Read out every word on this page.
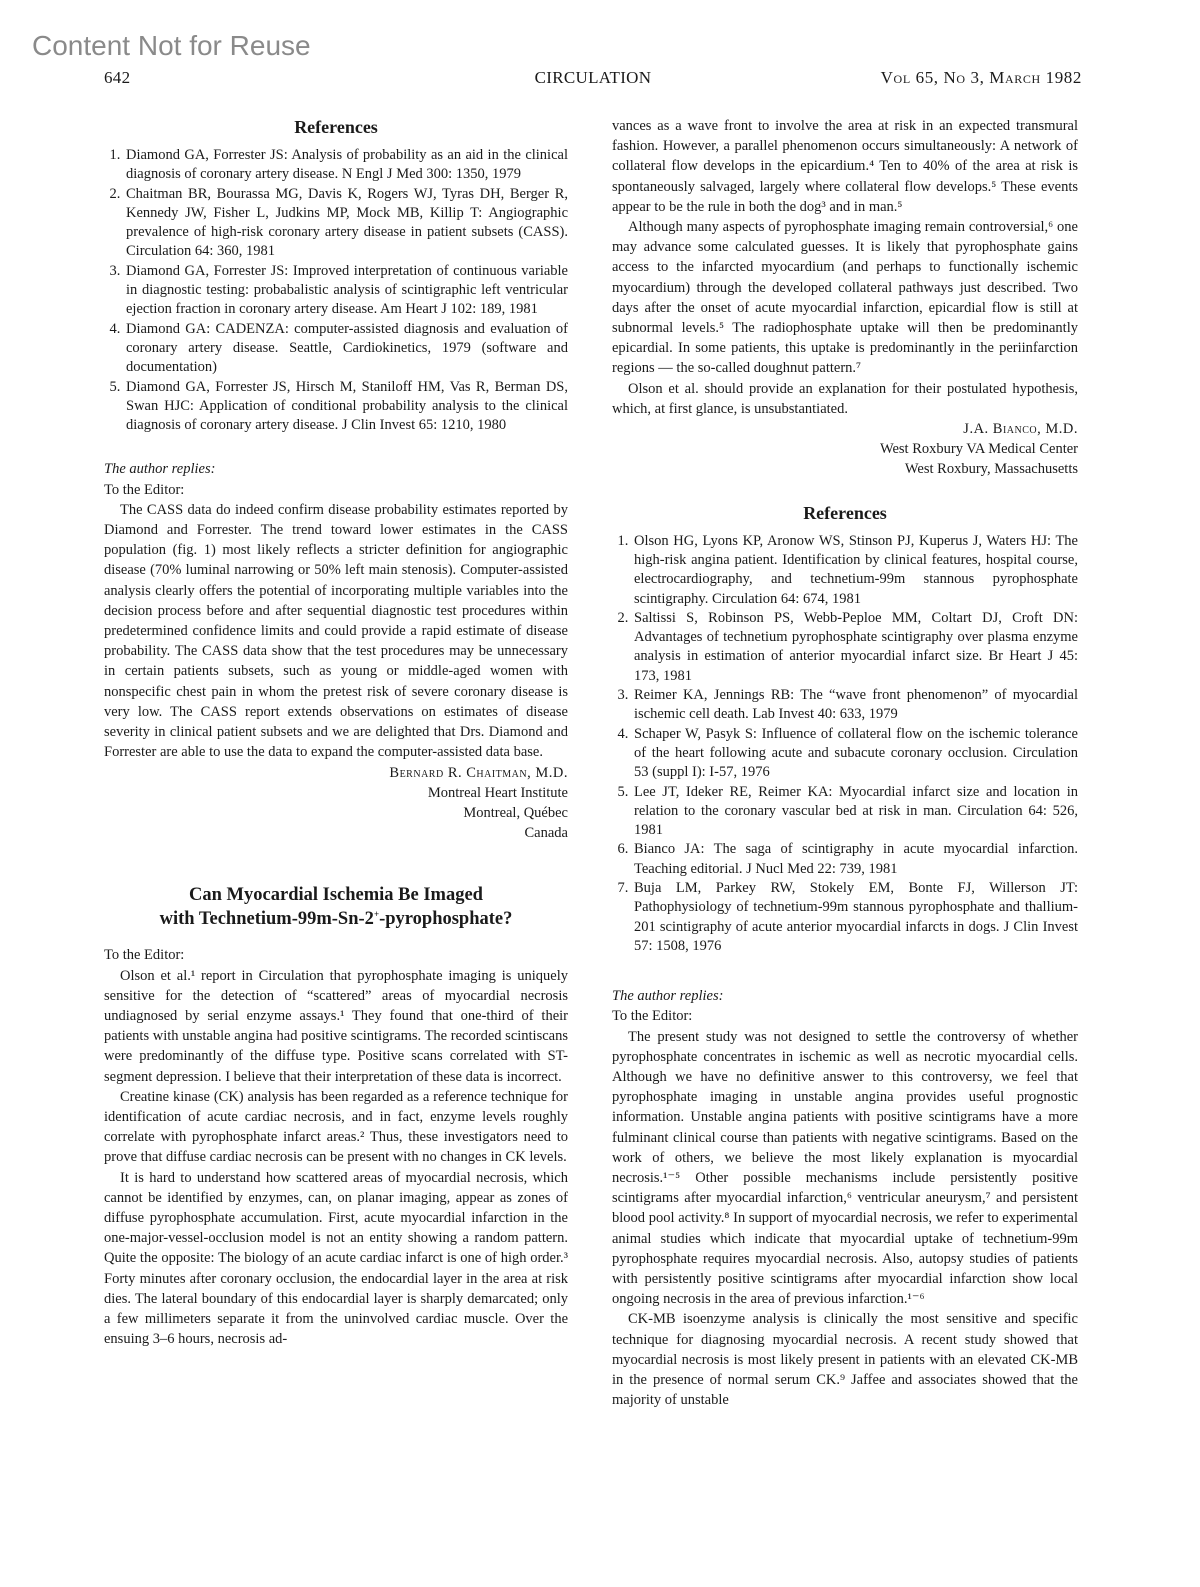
Content Not for Reuse
642	CIRCULATION	Vol 65, No 3, March 1982
References
1. Diamond GA, Forrester JS: Analysis of probability as an aid in the clinical diagnosis of coronary artery disease. N Engl J Med 300: 1350, 1979
2. Chaitman BR, Bourassa MG, Davis K, Rogers WJ, Tyras DH, Berger R, Kennedy JW, Fisher L, Judkins MP, Mock MB, Killip T: Angiographic prevalence of high-risk coronary artery disease in patient subsets (CASS). Circulation 64: 360, 1981
3. Diamond GA, Forrester JS: Improved interpretation of continuous variable in diagnostic testing: probabalistic analysis of scintigraphic left ventricular ejection fraction in coronary artery disease. Am Heart J 102: 189, 1981
4. Diamond GA: CADENZA: computer-assisted diagnosis and evaluation of coronary artery disease. Seattle, Cardiokinetics, 1979 (software and documentation)
5. Diamond GA, Forrester JS, Hirsch M, Staniloff HM, Vas R, Berman DS, Swan HJC: Application of conditional probability analysis to the clinical diagnosis of coronary artery disease. J Clin Invest 65: 1210, 1980

The author replies:

To the Editor:

The CASS data do indeed confirm disease probability estimates reported by Diamond and Forrester. The trend toward lower estimates in the CASS population (fig. 1) most likely reflects a stricter definition for angiographic disease (70% luminal narrowing or 50% left main stenosis). Computer-assisted analysis clearly offers the potential of incorporating multiple variables into the decision process before and after sequential diagnostic test procedures within predetermined confidence limits and could provide a rapid estimate of disease probability. The CASS data show that the test procedures may be unnecessary in certain patients subsets, such as young or middle-aged women with nonspecific chest pain in whom the pretest risk of severe coronary disease is very low. The CASS report extends observations on estimates of disease severity in clinical patient subsets and we are delighted that Drs. Diamond and Forrester are able to use the data to expand the computer-assisted data base.

Bernard R. Chaitman, M.D.

Montreal Heart Institute

Montreal, Québec

Canada

Can Myocardial Ischemia Be Imaged
with Technetium-99m-Sn-2+-pyrophosphate?

To the Editor:

Olson et al.¹ report in Circulation that pyrophosphate imaging is uniquely sensitive for the detection of “scattered” areas of myocardial necrosis undiagnosed by serial enzyme assays.¹ They found that one-third of their patients with unstable angina had positive scintigrams. The recorded scintiscans were predominantly of the diffuse type. Positive scans correlated with ST-segment depression. I believe that their interpretation of these data is incorrect.

Creatine kinase (CK) analysis has been regarded as a reference technique for identification of acute cardiac necrosis, and in fact, enzyme levels roughly correlate with pyrophosphate infarct areas.² Thus, these investigators need to prove that diffuse cardiac necrosis can be present with no changes in CK levels.

It is hard to understand how scattered areas of myocardial necrosis, which cannot be identified by enzymes, can, on planar imaging, appear as zones of diffuse pyrophosphate accumulation. First, acute myocardial infarction in the one-major-vessel-occlusion model is not an entity showing a random pattern. Quite the opposite: The biology of an acute cardiac infarct is one of high order.³ Forty minutes after coronary occlusion, the endocardial layer in the area at risk dies. The lateral boundary of this endocardial layer is sharply demarcated; only a few millimeters separate it from the uninvolved cardiac muscle. Over the ensuing 3–6 hours, necrosis ad-

vances as a wave front to involve the area at risk in an expected transmural fashion. However, a parallel phenomenon occurs simultaneously: A network of collateral flow develops in the epicardium.⁴ Ten to 40% of the area at risk is spontaneously salvaged, largely where collateral flow develops.⁵ These events appear to be the rule in both the dog³ and in man.⁵

Although many aspects of pyrophosphate imaging remain controversial,⁶ one may advance some calculated guesses. It is likely that pyrophosphate gains access to the infarcted myocardium (and perhaps to functionally ischemic myocardium) through the developed collateral pathways just described. Two days after the onset of acute myocardial infarction, epicardial flow is still at subnormal levels.⁵ The radiophosphate uptake will then be predominantly epicardial. In some patients, this uptake is predominantly in the periinfarction regions — the so-called doughnut pattern.⁷

Olson et al. should provide an explanation for their postulated hypothesis, which, at first glance, is unsubstantiated.

J.A. Bianco, M.D.

West Roxbury VA Medical Center

West Roxbury, Massachusetts

References
1. Olson HG, Lyons KP, Aronow WS, Stinson PJ, Kuperus J, Waters HJ: The high-risk angina patient. Identification by clinical features, hospital course, electrocardiography, and technetium-99m stannous pyrophosphate scintigraphy. Circulation 64: 674, 1981
2. Saltissi S, Robinson PS, Webb-Peploe MM, Coltart DJ, Croft DN: Advantages of technetium pyrophosphate scintigraphy over plasma enzyme analysis in estimation of anterior myocardial infarct size. Br Heart J 45: 173, 1981
3. Reimer KA, Jennings RB: The “wave front phenomenon” of myocardial ischemic cell death. Lab Invest 40: 633, 1979
4. Schaper W, Pasyk S: Influence of collateral flow on the ischemic tolerance of the heart following acute and subacute coronary occlusion. Circulation 53 (suppl I): I-57, 1976
5. Lee JT, Ideker RE, Reimer KA: Myocardial infarct size and location in relation to the coronary vascular bed at risk in man. Circulation 64: 526, 1981
6. Bianco JA: The saga of scintigraphy in acute myocardial infarction. Teaching editorial. J Nucl Med 22: 739, 1981
7. Buja LM, Parkey RW, Stokely EM, Bonte FJ, Willerson JT: Pathophysiology of technetium-99m stannous pyrophosphate and thallium-201 scintigraphy of acute anterior myocardial infarcts in dogs. J Clin Invest 57: 1508, 1976

The author replies:

To the Editor:

The present study was not designed to settle the controversy of whether pyrophosphate concentrates in ischemic as well as necrotic myocardial cells. Although we have no definitive answer to this controversy, we feel that pyrophosphate imaging in unstable angina provides useful prognostic information. Unstable angina patients with positive scintigrams have a more fulminant clinical course than patients with negative scintigrams. Based on the work of others, we believe the most likely explanation is myocardial necrosis.¹⁻⁵ Other possible mechanisms include persistently positive scintigrams after myocardial infarction,⁶ ventricular aneurysm,⁷ and persistent blood pool activity.⁸ In support of myocardial necrosis, we refer to experimental animal studies which indicate that myocardial uptake of technetium-99m pyrophosphate requires myocardial necrosis. Also, autopsy studies of patients with persistently positive scintigrams after myocardial infarction show local ongoing necrosis in the area of previous infarction.¹⁻⁶

CK-MB isoenzyme analysis is clinically the most sensitive and specific technique for diagnosing myocardial necrosis. A recent study showed that myocardial necrosis is most likely present in patients with an elevated CK-MB in the presence of normal serum CK.⁹ Jaffee and associates showed that the majority of unstable
